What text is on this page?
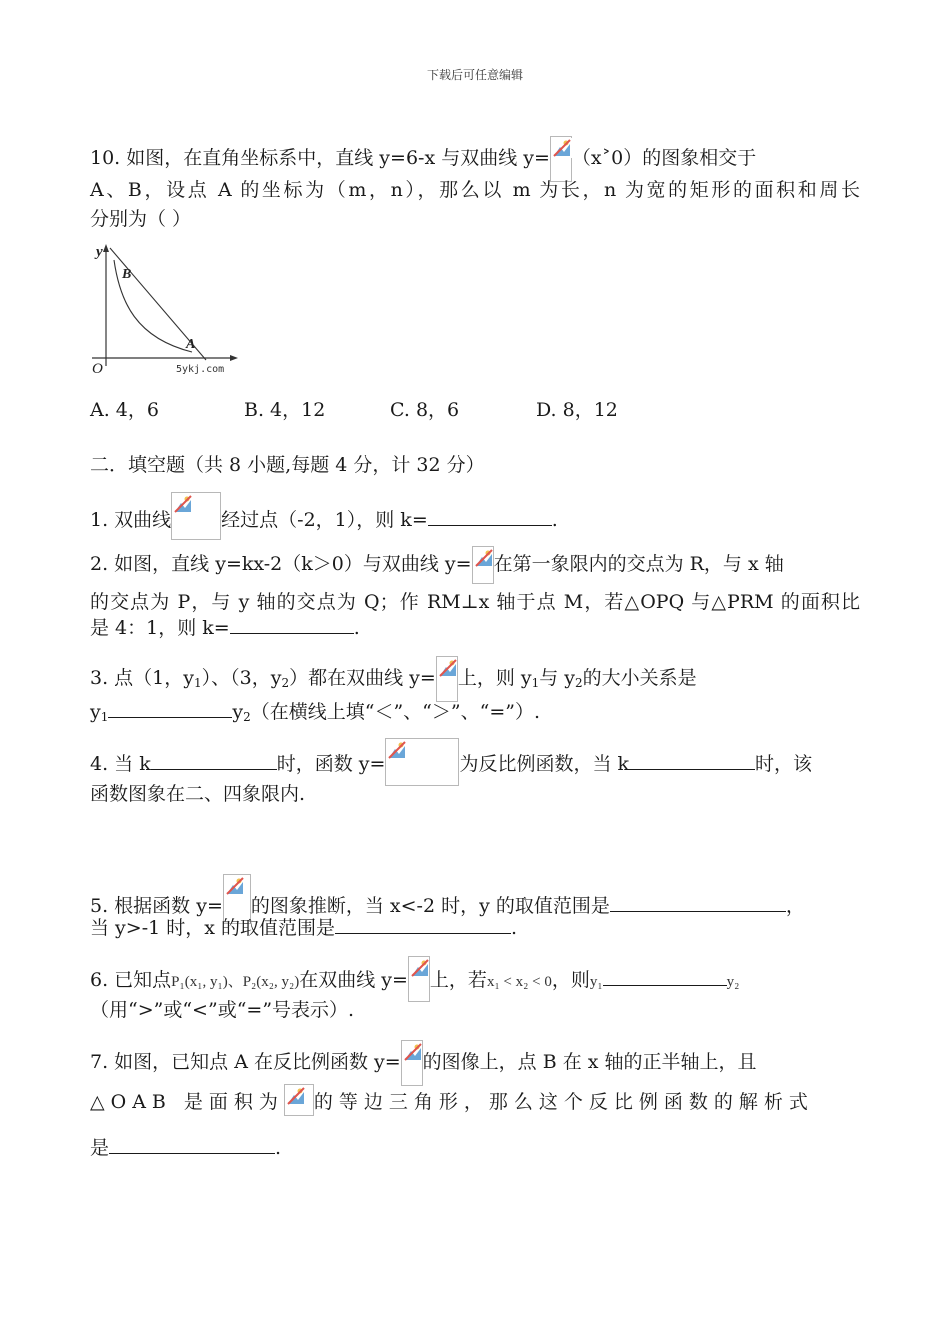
下载后可任意编辑
10. 如图，在直角坐标系中，直线 y=6-x 与双曲线 y= （x˃0）的图象相交于
A、B，设点 A 的坐标为（m，n），那么以 m 为长，n 为宽的矩形的面积和周长
分别为（ ）
y
B
A
O	5ykj.com
A. 4，6	B. 4，12	C. 8，6	D. 8，12
二．填空题（共 8 小题,每题 4 分，计 32 分）
1. 双曲线	经过点（-2，1），则 k=	.
2. 如图，直线 y=kx-2（k＞0）与双曲线 y= 在第一象限内的交点为 R，与 x 轴
的交点为 P，与 y 轴的交点为 Q；作 RM⊥x 轴于点 M，若△OPQ 与△PRM 的面积比
是 4：1，则 k=	.
3. 点（1，$y_1$）、（3，$y_2$）都在双曲线 y= 上，则 $y_1$与 $y_2$的大小关系是
$y_1$	$y_2$（在横线上填“＜”、“＞”、“=”）.
4. 当 k	时，函数 y=	为反比例函数，当 k	时，该
函数图象在二、四象限内.
5. 根据函数 y= 的图象推断，当 x<-2 时，y 的取值范围是	，
当 y>-1 时，x 的取值范围是	.
6. 已知点P₁(x₁, y₁)、P₂(x₂, y₂)在双曲线 y= 上，若x₁ < x₂ < 0，则y₁	y₂
（用“>”或“<”或“=”号表示）.
7. 如图，已知点 A 在反比例函数 y= 的图像上，点 B 在 x 轴的正半轴上，且
△OAB 是面积为 的等边三角形，那么这个反比例函数的解析式
是	.
